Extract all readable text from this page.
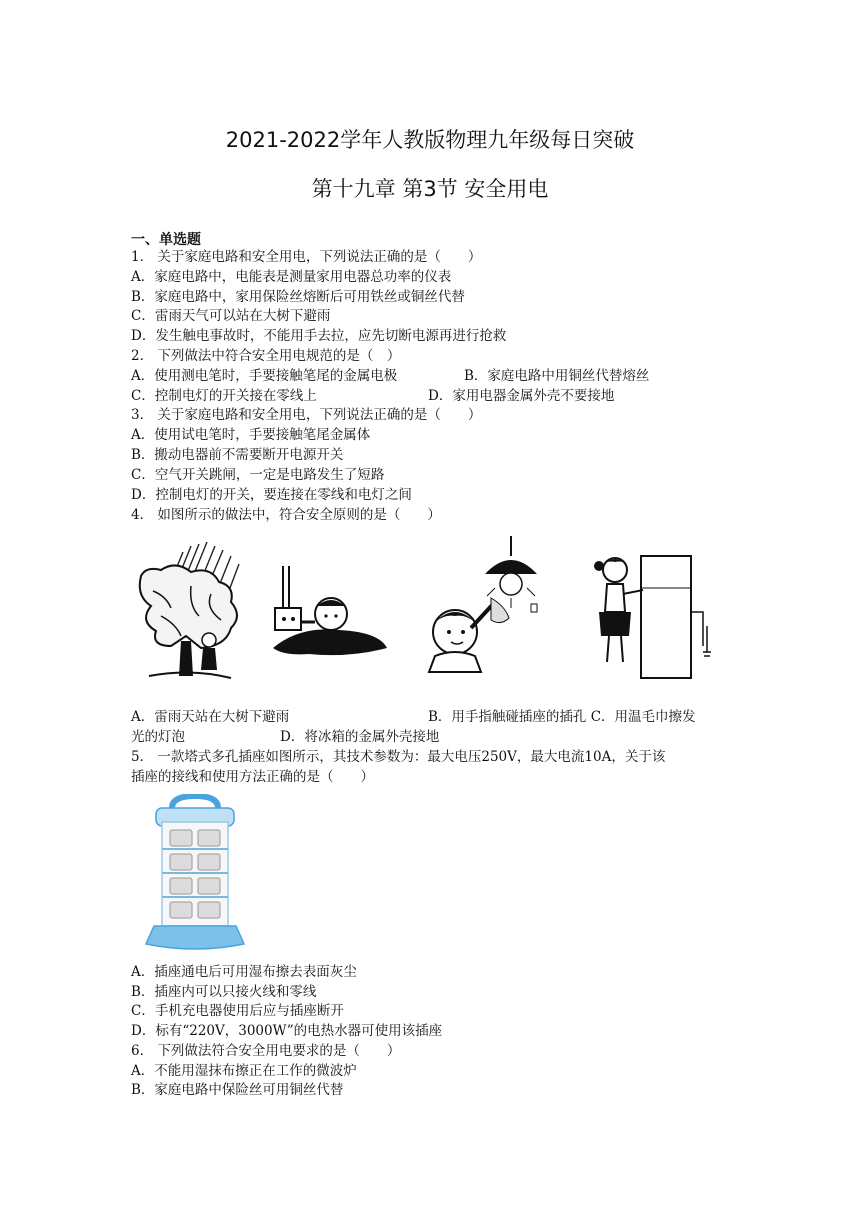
2021-2022学年人教版物理九年级每日突破
第十九章 第3节 安全用电
一、单选题
1． 关于家庭电路和安全用电，下列说法正确的是（　　）
A．家庭电路中，电能表是测量家用电器总功率的仪表
B．家庭电路中，家用保险丝熔断后可用铁丝或铜丝代替
C．雷雨天气可以站在大树下避雨
D．发生触电事故时，不能用手去拉，应先切断电源再进行抢救
2． 下列做法中符合安全用电规范的是（　）
A．使用测电笔时，手要接触笔尾的金属电极	B．家庭电路中用铜丝代替熔丝
C．控制电灯的开关接在零线上	D．家用电器金属外壳不要接地
3． 关于家庭电路和安全用电，下列说法正确的是（　　）
A．使用试电笔时，手要接触笔尾金属体
B．搬动电器前不需要断开电源开关
C．空气开关跳闸，一定是电路发生了短路
D．控制电灯的开关，要连接在零线和电灯之间
4． 如图所示的做法中，符合安全原则的是（　　）
A．雷雨天站在大树下避雨	B．用手指触碰插座的插孔 C．用温毛巾擦发
光的灯泡	D．将冰箱的金属外壳接地
5． 一款塔式多孔插座如图所示，其技术参数为：最大电压250V，最大电流10A，关于该
插座的接线和使用方法正确的是（　　）
A．插座通电后可用湿布擦去表面灰尘
B．插座内可以只接火线和零线
C．手机充电器使用后应与插座断开
D．标有“220V，3000W”的电热水器可使用该插座
6． 下列做法符合安全用电要求的是（　　）
A．不能用湿抹布擦正在工作的微波炉
B．家庭电路中保险丝可用铜丝代替
